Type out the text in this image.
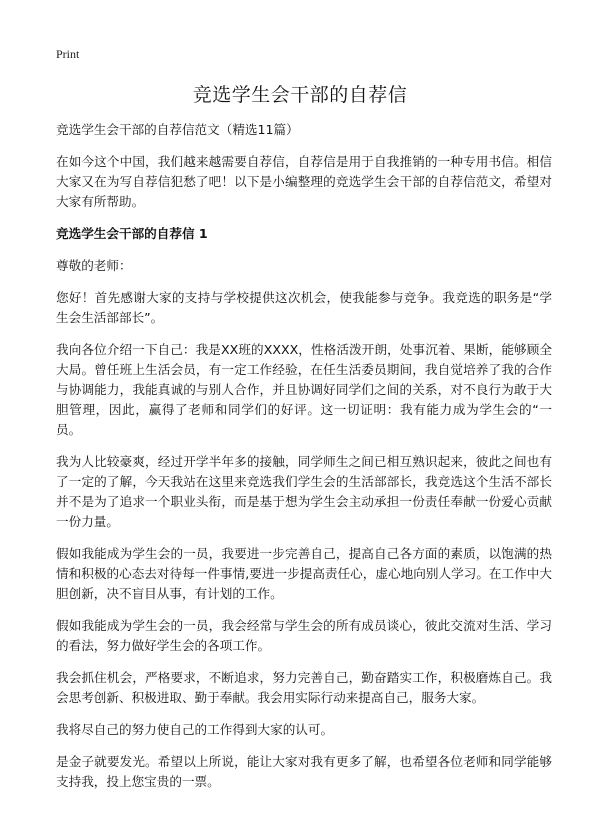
Print
竞选学生会干部的自荐信

竞选学生会干部的自荐信范文（精选11篇）

在如今这个中国，我们越来越需要自荐信，自荐信是用于自我推销的一种专用书信。相信大家又在为写自荐信犯愁了吧！以下是小编整理的竞选学生会干部的自荐信范文，希望对大家有所帮助。

竞选学生会干部的自荐信 1

尊敬的老师：

您好！首先感谢大家的支持与学校提供这次机会，使我能参与竞争。我竞选的职务是“学生会生活部部长”。

我向各位介绍一下自己：我是XX班的XXXX，性格活泼开朗，处事沉着、果断，能够顾全大局。曾任班上生活会员，有一定工作经验，在任生活委员期间，我自觉培养了我的合作与协调能力，我能真诚的与别人合作，并且协调好同学们之间的关系，对不良行为敢于大胆管理，因此，赢得了老师和同学们的好评。这一切证明：我有能力成为学生会的“一员。

我为人比较豪爽，经过开学半年多的接触，同学师生之间已相互熟识起来，彼此之间也有了一定的了解，今天我站在这里来竞选我们学生会的生活部部长，我竞选这个生活不部长并不是为了追求一个职业头衔，而是基于想为学生会主动承担一份责任奉献一份爱心贡献一份力量。

假如我能成为学生会的一员，我要进一步完善自己，提高自己各方面的素质，以饱满的热情和积极的心态去对待每一件事情,要进一步提高责任心，虚心地向别人学习。在工作中大胆创新，决不盲目从事，有计划的工作。

假如我能成为学生会的一员，我会经常与学生会的所有成员谈心，彼此交流对生活、学习的看法，努力做好学生会的各项工作。

我会抓住机会，严格要求，不断追求，努力完善自己，勤奋踏实工作，积极磨炼自己。我会思考创新、积极进取、勤于奉献。我会用实际行动来提高自己，服务大家。

我将尽自己的努力使自己的工作得到大家的认可。

是金子就要发光。希望以上所说，能让大家对我有更多了解，也希望各位老师和同学能够支持我，投上您宝贵的一票。
